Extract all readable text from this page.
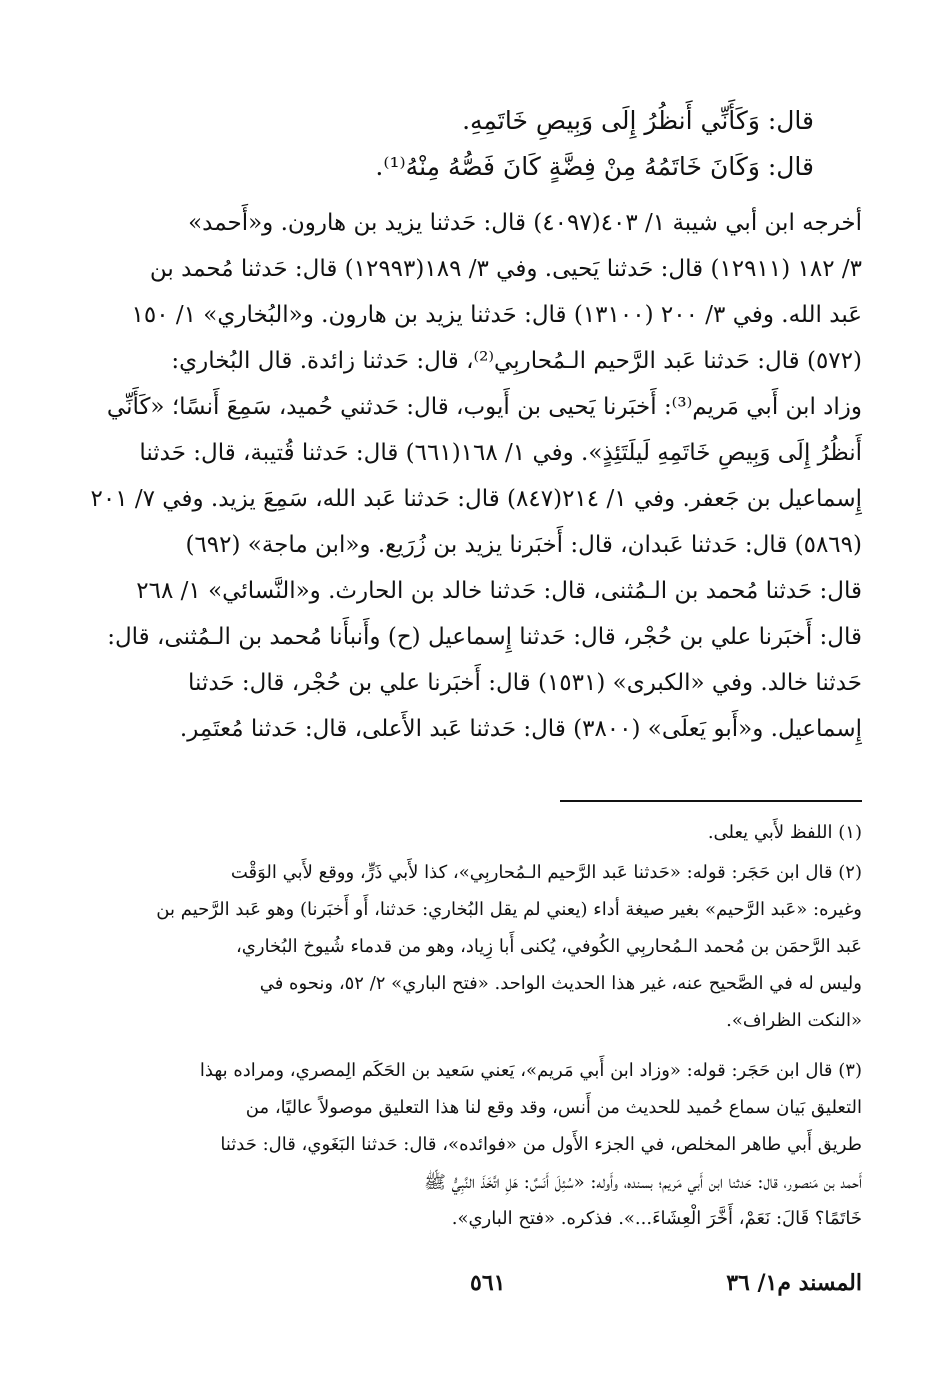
قال: وَكَأَنِّي أَنظُرُ إِلَى وَبِيصِ خَاتَمِهِ.
قال: وَكَانَ خَاتَمُهُ مِنْ فِضَّةٍ كَانَ فَصُّهُ مِنْهُ⁽¹⁾.
أخرجه ابن أبي شيبة ١/ ٤٠٣(٤٠٩٧) قال: حَدثنا يزيد بن هارون. و«أَحمد»
٣/ ١٨٢ (١٢٩١١) قال: حَدثنا يَحيى. وفي ٣/ ١٨٩(١٢٩٩٣) قال: حَدثنا مُحمد بن
عَبد الله. وفي ٣/ ٢٠٠ (١٣١٠٠) قال: حَدثنا يزيد بن هارون. و«البُخاري» ١/ ١٥٠
(٥٧٢) قال: حَدثنا عَبد الرَّحيم الـمُحاربِي⁽²⁾، قال: حَدثنا زائدة. قال البُخاري:
وزاد ابن أَبي مَريم⁽³⁾: أَخبَرنا يَحيى بن أَيوب، قال: حَدثني حُميد، سَمِعَ أَنسًا؛ «كَأَنِّي
أَنظُرُ إِلَى وَبِيصِ خَاتَمِهِ لَيلَتَئِذٍ». وفي ١/ ١٦٨(٦٦١) قال: حَدثنا قُتيبة، قال: حَدثنا
إِسماعيل بن جَعفر. وفي ١/ ٢١٤(٨٤٧) قال: حَدثنا عَبد الله، سَمِعَ يزيد. وفي ٧/ ٢٠١
(٥٨٦٩) قال: حَدثنا عَبدان، قال: أَخبَرنا يزيد بن زُرَيع. و«ابن ماجة» (٦٩٢)
قال: حَدثنا مُحمد بن الـمُثنى، قال: حَدثنا خالد بن الحارث. و«النَّسائي» ١/ ٢٦٨
قال: أَخبَرنا علي بن حُجْر، قال: حَدثنا إِسماعيل (ح) وأَنبأَنا مُحمد بن الـمُثنى، قال:
حَدثنا خالد. وفي «الكبرى» (١٥٣١) قال: أَخبَرنا علي بن حُجْر، قال: حَدثنا
إِسماعيل. و«أَبو يَعلَى» (٣٨٠٠) قال: حَدثنا عَبد الأَعلى، قال: حَدثنا مُعتَمِر.
(١) اللفظ لأَبي يعلى.
(٢) قال ابن حَجَر: قوله: «حَدثنا عَبد الرَّحيم الـمُحاربِي»، كذا لأَبي ذَرٍّ، ووقع لأَبي الوَقْت
وغيره: «عَبد الرَّحيم» بغير صيغة أداء (يعني لم يقل البُخاري: حَدثنا، أَو أَخبَرنا) وهو عَبد الرَّحيم بن
عَبد الرَّحمَن بن مُحمد الـمُحاربِي الكُوفي، يُكنى أَبا زِياد، وهو من قدماء شُيوخ البُخاري،
وليس له في الصَّحيح عنه، غير هذا الحديث الواحد. «فتح الباري» ٢/ ٥٢، ونحوه في
«النكت الظراف».
(٣) قال ابن حَجَر: قوله: «وزاد ابن أَبي مَريم»، يَعني سَعيد بن الحَكَم الِمصري، ومراده بهذا
التعليق بَيان سماع حُميد للحديث من أَنس، وقد وقع لنا هذا التعليق موصولاً عاليًا، من
طريق أَبي طاهر المخلص، في الجزء الأَول من «فوائده»، قال: حَدثنا البَغَوي، قال: حَدثنا
أَحمد بن مَنصور، قال: حَدثنا ابن أَبي مَريم؛ بسنده، وأَوله: «سُئِلَ أَنَسٌ: هَلِ اتَّخَذَ النَّبِيُّ ﷺ
خَاتَمًا؟ قَالَ: نَعَمْ، أَخَّرَ الْعِشَاءَ...». فذكره. «فتح الباري».
المسند م١/ ٣٦
٥٦١
